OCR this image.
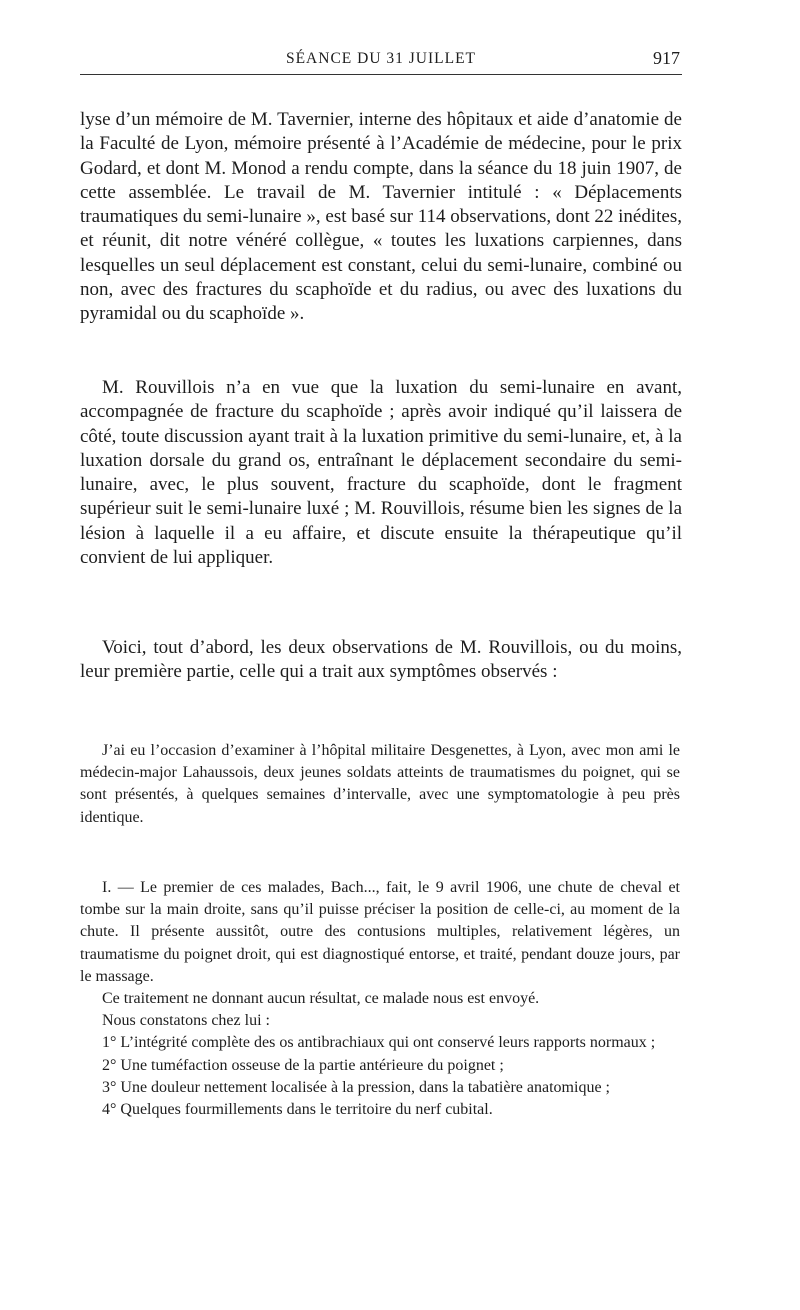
SÉANCE DU 31 JUILLET	917

lyse d’un mémoire de M. Tavernier, interne des hôpitaux et aide d’anatomie de la Faculté de Lyon, mémoire présenté à l’Académie de médecine, pour le prix Godard, et dont M. Monod a rendu compte, dans la séance du 18 juin 1907, de cette assemblée. Le travail de M. Tavernier intitulé : « Déplacements traumatiques du semi-lunaire », est basé sur 114 observations, dont 22 inédites, et réunit, dit notre vénéré collègue, « toutes les luxations carpiennes, dans lesquelles un seul déplacement est constant, celui du semi-lunaire, combiné ou non, avec des fractures du scaphoïde et du radius, ou avec des luxations du pyramidal ou du scaphoïde ».

M. Rouvillois n’a en vue que la luxation du semi-lunaire en avant, accompagnée de fracture du scaphoïde ; après avoir indiqué qu’il laissera de côté, toute discussion ayant trait à la luxation primitive du semi-lunaire, et, à la luxation dorsale du grand os, entraînant le déplacement secondaire du semi-lunaire, avec, le plus souvent, fracture du scaphoïde, dont le fragment supérieur suit le semi-lunaire luxé ; M. Rouvillois, résume bien les signes de la lésion à laquelle il a eu affaire, et discute ensuite la thérapeutique qu’il convient de lui appliquer.

Voici, tout d’abord, les deux observations de M. Rouvillois, ou du moins, leur première partie, celle qui a trait aux symptômes observés :

J’ai eu l’occasion d’examiner à l’hôpital militaire Desgenettes, à Lyon, avec mon ami le médecin-major Lahaussois, deux jeunes soldats atteints de traumatismes du poignet, qui se sont présentés, à quelques semaines d’intervalle, avec une symptomatologie à peu près identique.

I. — Le premier de ces malades, Bach..., fait, le 9 avril 1906, une chute de cheval et tombe sur la main droite, sans qu’il puisse préciser la position de celle-ci, au moment de la chute. Il présente aussitôt, outre des contusions multiples, relativement légères, un traumatisme du poignet droit, qui est diagnostiqué entorse, et traité, pendant douze jours, par le massage.

Ce traitement ne donnant aucun résultat, ce malade nous est envoyé.

Nous constatons chez lui :

1° L’intégrité complète des os antibrachiaux qui ont conservé leurs rapports normaux ;

2° Une tuméfaction osseuse de la partie antérieure du poignet ;

3° Une douleur nettement localisée à la pression, dans la tabatière anatomique ;

4° Quelques fourmillements dans le territoire du nerf cubital.
